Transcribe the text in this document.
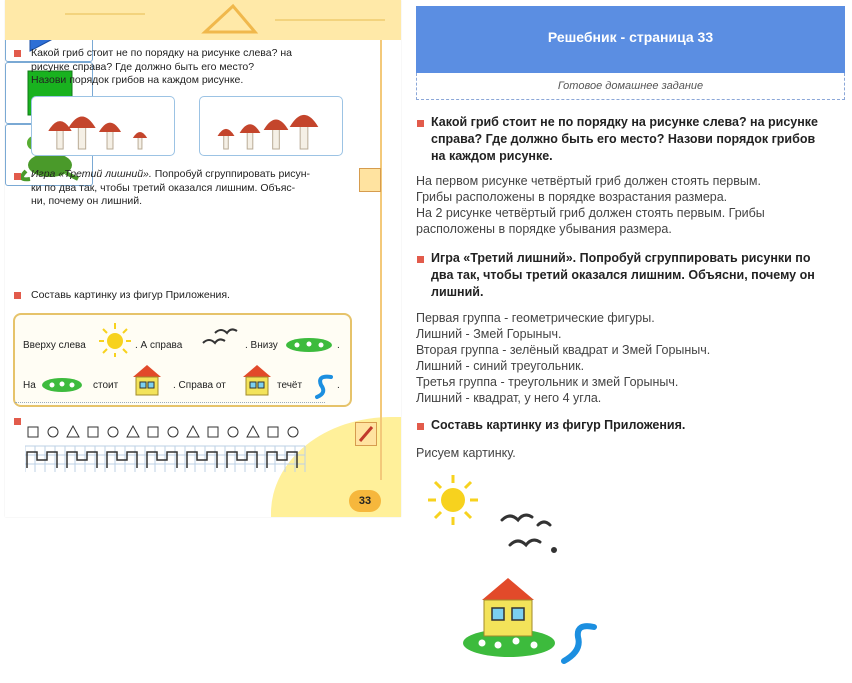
Какой гриб стоит не по порядку на рисунке слева? на
рисунке справа? Где должно быть его место?
Назови порядок грибов на каждом рисунке.
Игра «Третий лишний». Попробуй сгруппировать рисун-
ки по два так, чтобы третий оказался лишним. Объяс-
ни, почему он лишний.
Составь картинку из фигур Приложения.
Вверху слева	. А справа	. Внизу	.
На	стоит	. Справа от	течёт	.
33
Решебник - страница 33
Готовое домашнее задание
Какой гриб стоит не по порядку на рисунке слева? на рисунке справа? Где должно быть его место? Назови порядок грибов на каждом рисунке.
На первом рисунке четвёртый гриб должен стоять первым.
Грибы расположены в порядке возрастания размера.
На 2 рисунке четвёртый гриб должен стоять первым. Грибы
расположены в порядке убывания размера.
Игра «Третий лишний». Попробуй сгруппировать рисунки по два так, чтобы третий оказался лишним. Объясни, почему он лишний.
Первая группа - геометрические фигуры.
Лишний - Змей Горыныч.
Вторая группа - зелёный квадрат и Змей Горыныч.
Лишний - синий треугольник.
Третья группа - треугольник и змей Горыныч.
Лишний - квадрат, у него 4 угла.
Составь картинку из фигур Приложения.
Рисуем картинку.
